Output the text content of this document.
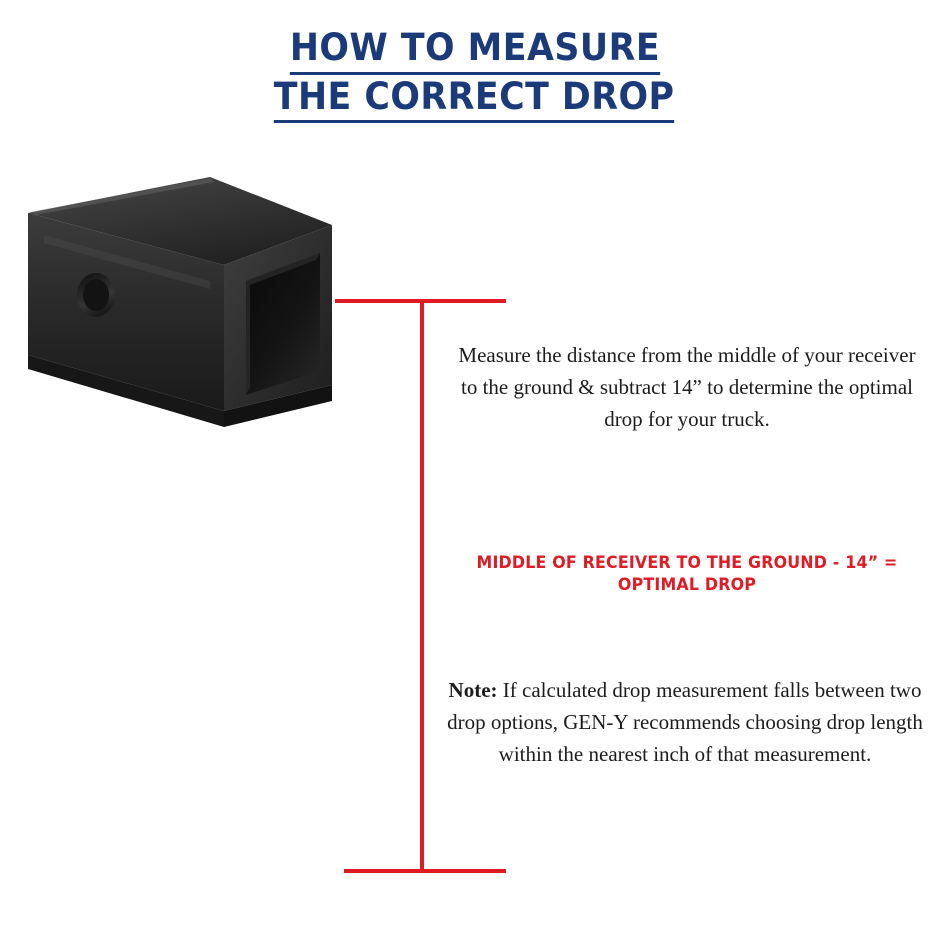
HOW TO MEASURE
THE CORRECT DROP
Measure the distance from the middle of your receiver to the ground & subtract 14” to determine the optimal drop for your truck.
MIDDLE OF RECEIVER TO THE GROUND - 14” =
OPTIMAL DROP
Note: If calculated drop measurement falls between two drop options, GEN-Y recommends choosing drop length within the nearest inch of that measurement.
